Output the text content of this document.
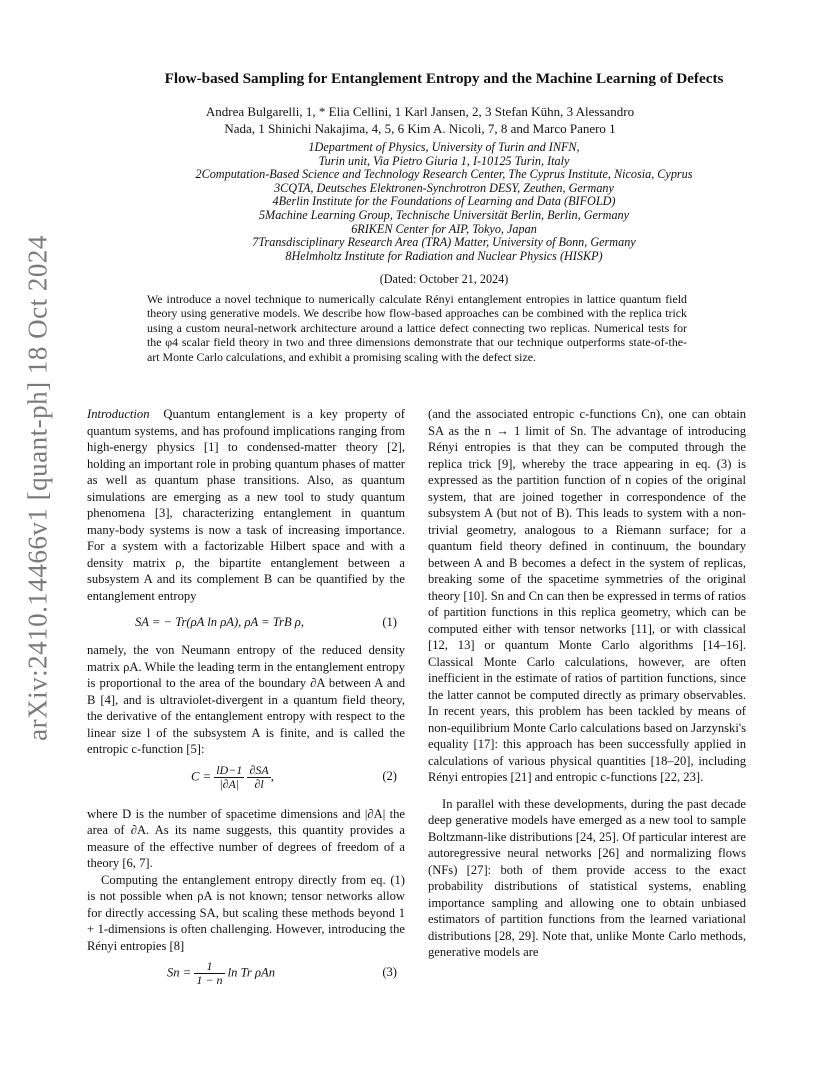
arXiv:2410.14466v1 [quant-ph] 18 Oct 2024
Flow-based Sampling for Entanglement Entropy and the Machine Learning of Defects
Andrea Bulgarelli, 1, * Elia Cellini, 1 Karl Jansen, 2, 3 Stefan Kühn, 3 Alessandro
Nada, 1 Shinichi Nakajima, 4, 5, 6 Kim A. Nicoli, 7, 8 and Marco Panero 1
1Department of Physics, University of Turin and INFN,
Turin unit, Via Pietro Giuria 1, I-10125 Turin, Italy
2Computation-Based Science and Technology Research Center, The Cyprus Institute, Nicosia, Cyprus
3CQTA, Deutsches Elektronen-Synchrotron DESY, Zeuthen, Germany
4Berlin Institute for the Foundations of Learning and Data (BIFOLD)
5Machine Learning Group, Technische Universität Berlin, Berlin, Germany
6RIKEN Center for AIP, Tokyo, Japan
7Transdisciplinary Research Area (TRA) Matter, University of Bonn, Germany
8Helmholtz Institute for Radiation and Nuclear Physics (HISKP)
(Dated: October 21, 2024)
We introduce a novel technique to numerically calculate Rényi entanglement entropies in lattice quantum field theory using generative models. We describe how flow-based approaches can be combined with the replica trick using a custom neural-network architecture around a lattice defect connecting two replicas. Numerical tests for the φ4 scalar field theory in two and three dimensions demonstrate that our technique outperforms state-of-the-art Monte Carlo calculations, and exhibit a promising scaling with the defect size.

Introduction Quantum entanglement is a key property of quantum systems, and has profound implications ranging from high-energy physics [1] to condensed-matter theory [2], holding an important role in probing quantum phases of matter as well as quantum phase transitions. Also, as quantum simulations are emerging as a new tool to study quantum phenomena [3], characterizing entanglement in quantum many-body systems is now a task of increasing importance. For a system with a factorizable Hilbert space and with a density matrix ρ, the bipartite entanglement between a subsystem A and its complement B can be quantified by the entanglement entropy

SA = − Tr(ρA ln ρA), ρA = TrB ρ,	(1)

namely, the von Neumann entropy of the reduced density matrix ρA. While the leading term in the entanglement entropy is proportional to the area of the boundary ∂A between A and B [4], and is ultraviolet-divergent in a quantum field theory, the derivative of the entanglement entropy with respect to the linear size l of the subsystem A is finite, and is called the entropic c-function [5]:

$C = \frac{lD-1}{|\partial A|}$
$\frac{\partial SA}{\partial l}$ ,	(2)

where D is the number of spacetime dimensions and |∂A| the area of ∂A. As its name suggests, this quantity provides a measure of the effective number of degrees of freedom of a theory [6, 7].

Computing the entanglement entropy directly from eq. (1) is not possible when ρA is not known; tensor networks allow for directly accessing SA, but scaling these methods beyond 1 + 1-dimensions is often challenging. However, introducing the Rényi entropies [8]

$Sn = \frac{1}{1 - n}$ ln Tr ρAn	(3)

(and the associated entropic c-functions Cn), one can obtain SA as the n → 1 limit of Sn. The advantage of introducing Rényi entropies is that they can be computed through the replica trick [9], whereby the trace appearing in eq. (3) is expressed as the partition function of n copies of the original system, that are joined together in correspondence of the subsystem A (but not of B). This leads to system with a non-trivial geometry, analogous to a Riemann surface; for a quantum field theory defined in continuum, the boundary between A and B becomes a defect in the system of replicas, breaking some of the spacetime symmetries of the original theory [10]. Sn and Cn can then be expressed in terms of ratios of partition functions in this replica geometry, which can be computed either with tensor networks [11], or with classical [12, 13] or quantum Monte Carlo algorithms [14–16]. Classical Monte Carlo calculations, however, are often inefficient in the estimate of ratios of partition functions, since the latter cannot be computed directly as primary observables. In recent years, this problem has been tackled by means of non-equilibrium Monte Carlo calculations based on Jarzynski's equality [17]: this approach has been successfully applied in calculations of various physical quantities [18–20], including Rényi entropies [21] and entropic c-functions [22, 23].

In parallel with these developments, during the past decade deep generative models have emerged as a new tool to sample Boltzmann-like distributions [24, 25]. Of particular interest are autoregressive neural networks [26] and normalizing flows (NFs) [27]: both of them provide access to the exact probability distributions of statistical systems, enabling importance sampling and allowing one to obtain unbiased estimators of partition functions from the learned variational distributions [28, 29]. Note that, unlike Monte Carlo methods, generative models are
